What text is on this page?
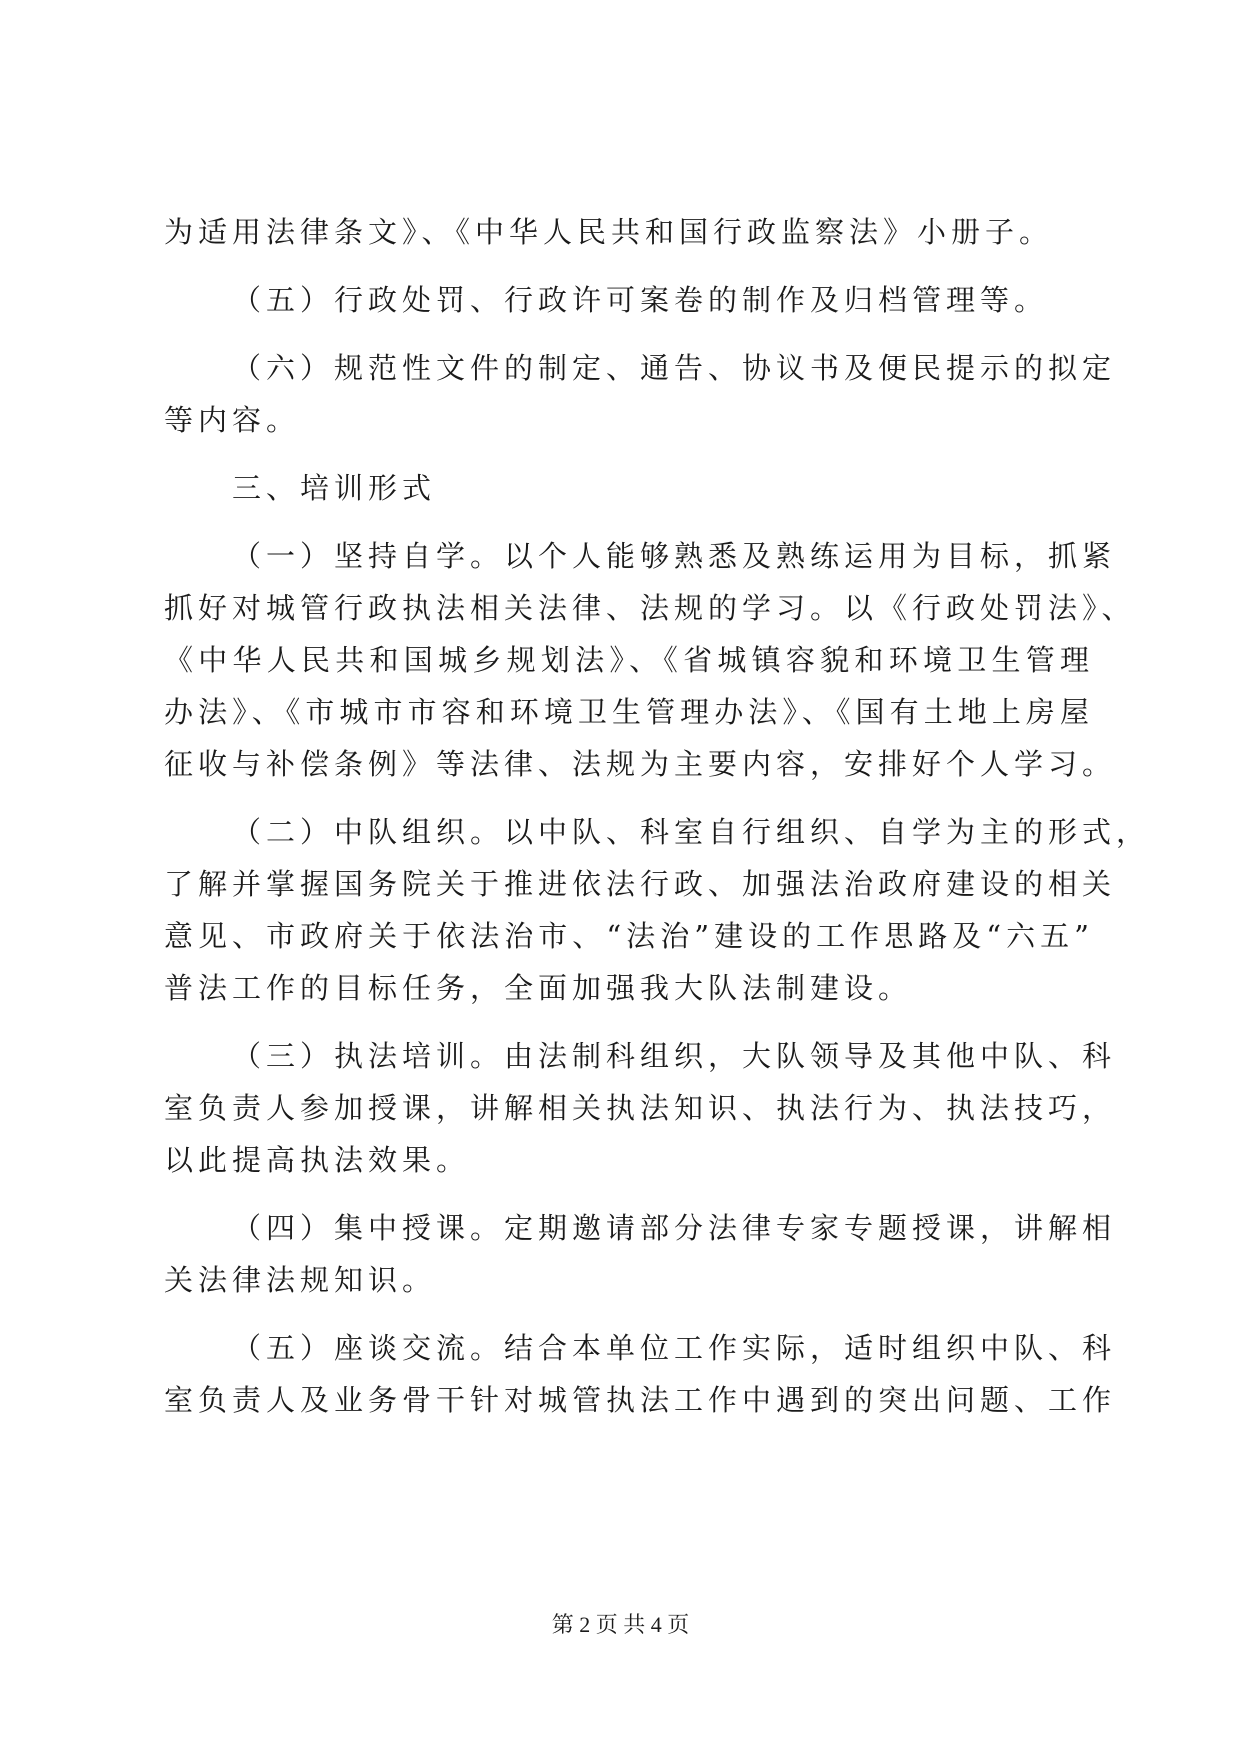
为适用法律条文》、《中华人民共和国行政监察法》小册子。
（五）行政处罚、行政许可案卷的制作及归档管理等。
（六）规范性文件的制定、通告、协议书及便民提示的拟定
等内容。
三、培训形式
（一）坚持自学。以个人能够熟悉及熟练运用为目标，抓紧
抓好对城管行政执法相关法律、法规的学习。以《行政处罚法》、
《中华人民共和国城乡规划法》、《省城镇容貌和环境卫生管理
办法》、《市城市市容和环境卫生管理办法》、《国有土地上房屋
征收与补偿条例》等法律、法规为主要内容，安排好个人学习。
（二）中队组织。以中队、科室自行组织、自学为主的形式，
了解并掌握国务院关于推进依法行政、加强法治政府建设的相关
意见、市政府关于依法治市、“法治”建设的工作思路及“六五”
普法工作的目标任务，全面加强我大队法制建设。
（三）执法培训。由法制科组织，大队领导及其他中队、科
室负责人参加授课，讲解相关执法知识、执法行为、执法技巧，
以此提高执法效果。
（四）集中授课。定期邀请部分法律专家专题授课，讲解相
关法律法规知识。
（五）座谈交流。结合本单位工作实际，适时组织中队、科
室负责人及业务骨干针对城管执法工作中遇到的突出问题、工作
第 2 页 共 4 页
